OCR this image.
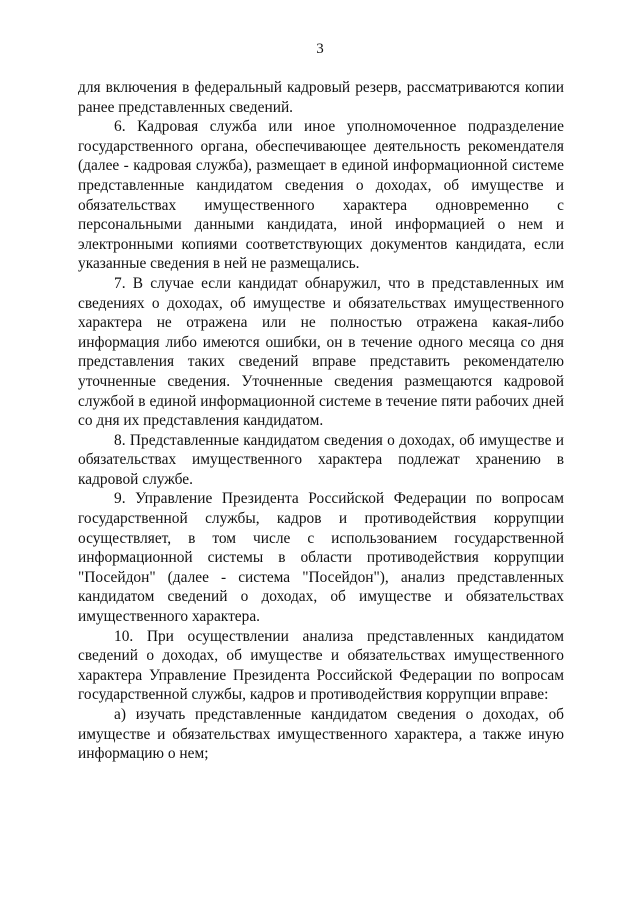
3

для включения в федеральный кадровый резерв, рассматриваются копии ранее представленных сведений.

6. Кадровая служба или иное уполномоченное подразделение государственного органа, обеспечивающее деятельность рекомендателя (далее - кадровая служба), размещает в единой информационной системе представленные кандидатом сведения о доходах, об имуществе и обязательствах имущественного характера одновременно с персональными данными кандидата, иной информацией о нем и электронными копиями соответствующих документов кандидата, если указанные сведения в ней не размещались.

7. В случае если кандидат обнаружил, что в представленных им сведениях о доходах, об имуществе и обязательствах имущественного характера не отражена или не полностью отражена какая-либо информация либо имеются ошибки, он в течение одного месяца со дня представления таких сведений вправе представить рекомендателю уточненные сведения. Уточненные сведения размещаются кадровой службой в единой информационной системе в течение пяти рабочих дней со дня их представления кандидатом.

8. Представленные кандидатом сведения о доходах, об имуществе и обязательствах имущественного характера подлежат хранению в кадровой службе.

9. Управление Президента Российской Федерации по вопросам государственной службы, кадров и противодействия коррупции осуществляет, в том числе с использованием государственной информационной системы в области противодействия коррупции "Посейдон" (далее - система "Посейдон"), анализ представленных кандидатом сведений о доходах, об имуществе и обязательствах имущественного характера.

10. При осуществлении анализа представленных кандидатом сведений о доходах, об имуществе и обязательствах имущественного характера Управление Президента Российской Федерации по вопросам государственной службы, кадров и противодействия коррупции вправе:

а) изучать представленные кандидатом сведения о доходах, об имуществе и обязательствах имущественного характера, а также иную информацию о нем;
